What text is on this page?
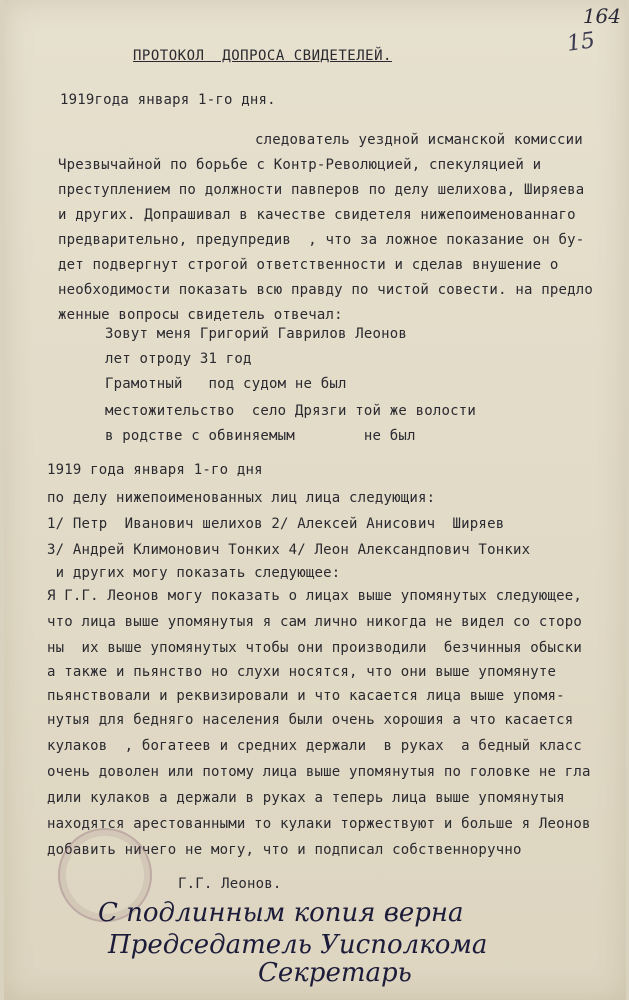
164
15
ПРОТОКОЛ  ДОПРОСА СВИДЕТЕЛЕЙ.
1919года января 1-го дня.
следователь уездной исманской комиссии
Чрезвычайной по борьбе с Контр-Революцией, спекуляцией и
преступлением по должности павперов по делу шелихова, Ширяева
и других. Допрашивал в качестве свидетеля нижепоименованнаго
предварительно, предупредив  , что за ложное показание он бу-
дет подвергнут строгой ответственности и сделав внушение о
необходимости показать всю правду по чистой совести. на предло
женные вопросы свидетель отвечал:
Зовут меня Григорий Гаврилов Леонов
лет отроду 31 год
Грамотный   под судом не был
местожительство  село Дрязги той же волости
в родстве с обвиняемым        не был
1919 года января 1-го дня
по делу нижепоименованных лиц лица следующия:
1/ Петр  Иванович шелихов 2/ Алексей Анисович  Ширяев
3/ Андрей Климонович Тонких 4/ Леон Александпович Тонких
и других могу показать следующее:
Я Г.Г. Леонов могу показать о лицах выше упомянутых следующее,
что лица выше упомянутыя я сам лично никогда не видел со сторо
ны  их выше упомянутых чтобы они производили  безчинныя обыски
а также и пьянство но слухи носятся, что они выше упомянуте
пьянствовали и реквизировали и что касается лица выше упомя-
нутыя для бедняго населения были очень хорошия а что касается
кулаков  , богатеев и средних держали  в руках  а бедный класс
очень доволен или потому лица выше упомянутыя по головке не гла
дили кулаков а держали в руках а теперь лица выше упомянутыя
находятся арестованными то кулаки торжествуют и больше я Леонов
добавить ничего не могу, что и подписал собственноручно
Г.Г. Леонов.
С подлинным копия верна
Председатель Уисполкома
Секретарь
